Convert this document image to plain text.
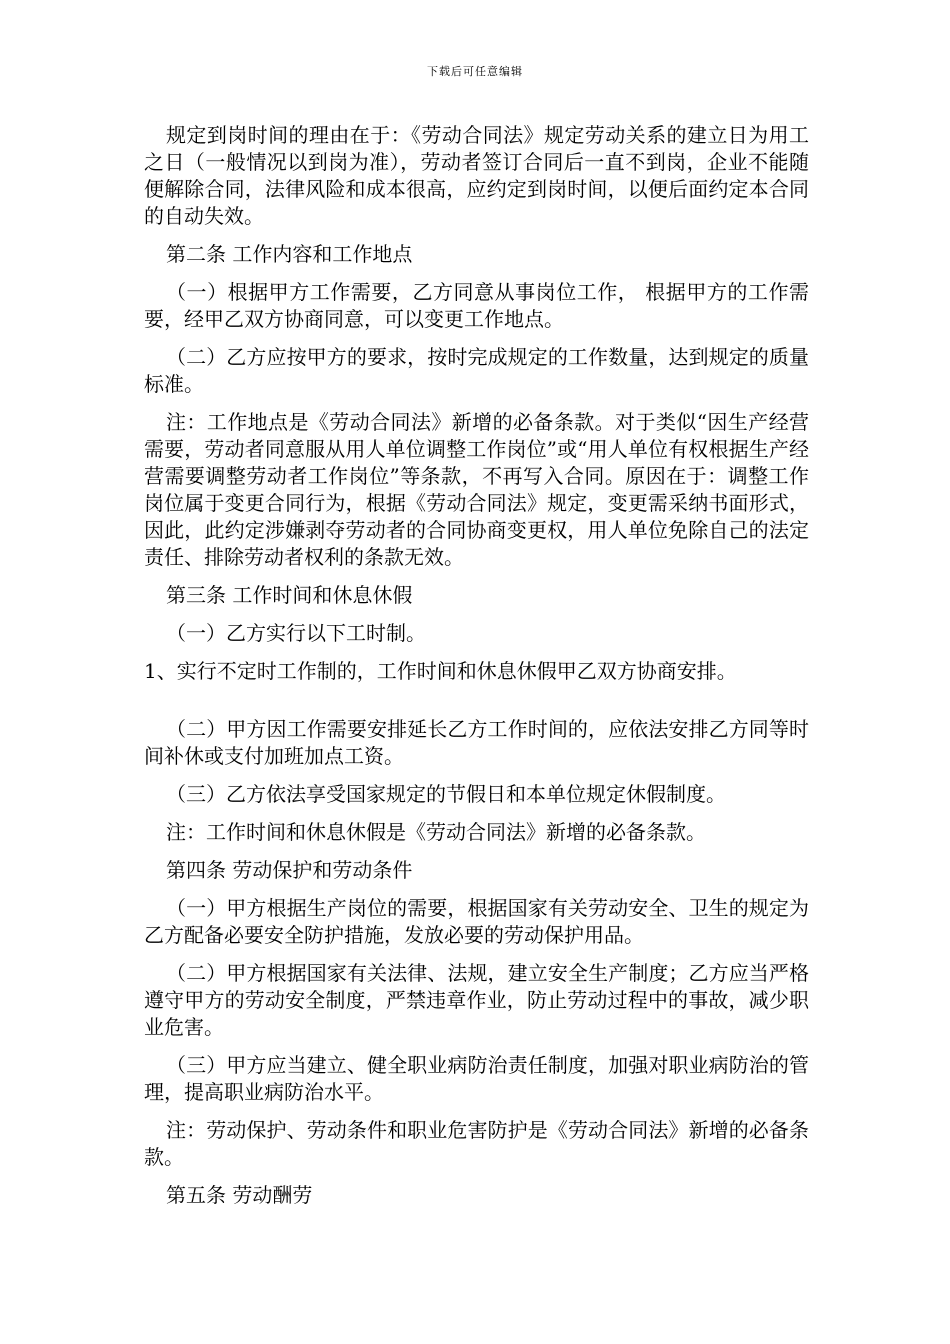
下载后可任意编辑

规定到岗时间的理由在于：《劳动合同法》规定劳动关系的建立日为用工之日（一般情况以到岗为准），劳动者签订合同后一直不到岗，企业不能随便解除合同，法律风险和成本很高，应约定到岗时间，以便后面约定本合同的自动失效。

第二条 工作内容和工作地点

（一）根据甲方工作需要，乙方同意从事岗位工作， 根据甲方的工作需要，经甲乙双方协商同意，可以变更工作地点。

（二）乙方应按甲方的要求，按时完成规定的工作数量，达到规定的质量标准。

注：工作地点是《劳动合同法》新增的必备条款。对于类似“因生产经营需要，劳动者同意服从用人单位调整工作岗位”或“用人单位有权根据生产经营需要调整劳动者工作岗位”等条款，不再写入合同。原因在于：调整工作岗位属于变更合同行为，根据《劳动合同法》规定，变更需采纳书面形式，因此，此约定涉嫌剥夺劳动者的合同协商变更权，用人单位免除自己的法定责任、排除劳动者权利的条款无效。

第三条 工作时间和休息休假

（一）乙方实行以下工时制。

1、实行不定时工作制的，工作时间和休息休假甲乙双方协商安排。

（二）甲方因工作需要安排延长乙方工作时间的，应依法安排乙方同等时间补休或支付加班加点工资。

（三）乙方依法享受国家规定的节假日和本单位规定休假制度。

注：工作时间和休息休假是《劳动合同法》新增的必备条款。

第四条 劳动保护和劳动条件

（一）甲方根据生产岗位的需要，根据国家有关劳动安全、卫生的规定为乙方配备必要安全防护措施，发放必要的劳动保护用品。

（二）甲方根据国家有关法律、法规，建立安全生产制度；乙方应当严格遵守甲方的劳动安全制度，严禁违章作业，防止劳动过程中的事故，减少职业危害。

（三）甲方应当建立、健全职业病防治责任制度，加强对职业病防治的管理，提高职业病防治水平。

注：劳动保护、劳动条件和职业危害防护是《劳动合同法》新增的必备条款。

第五条 劳动酬劳
